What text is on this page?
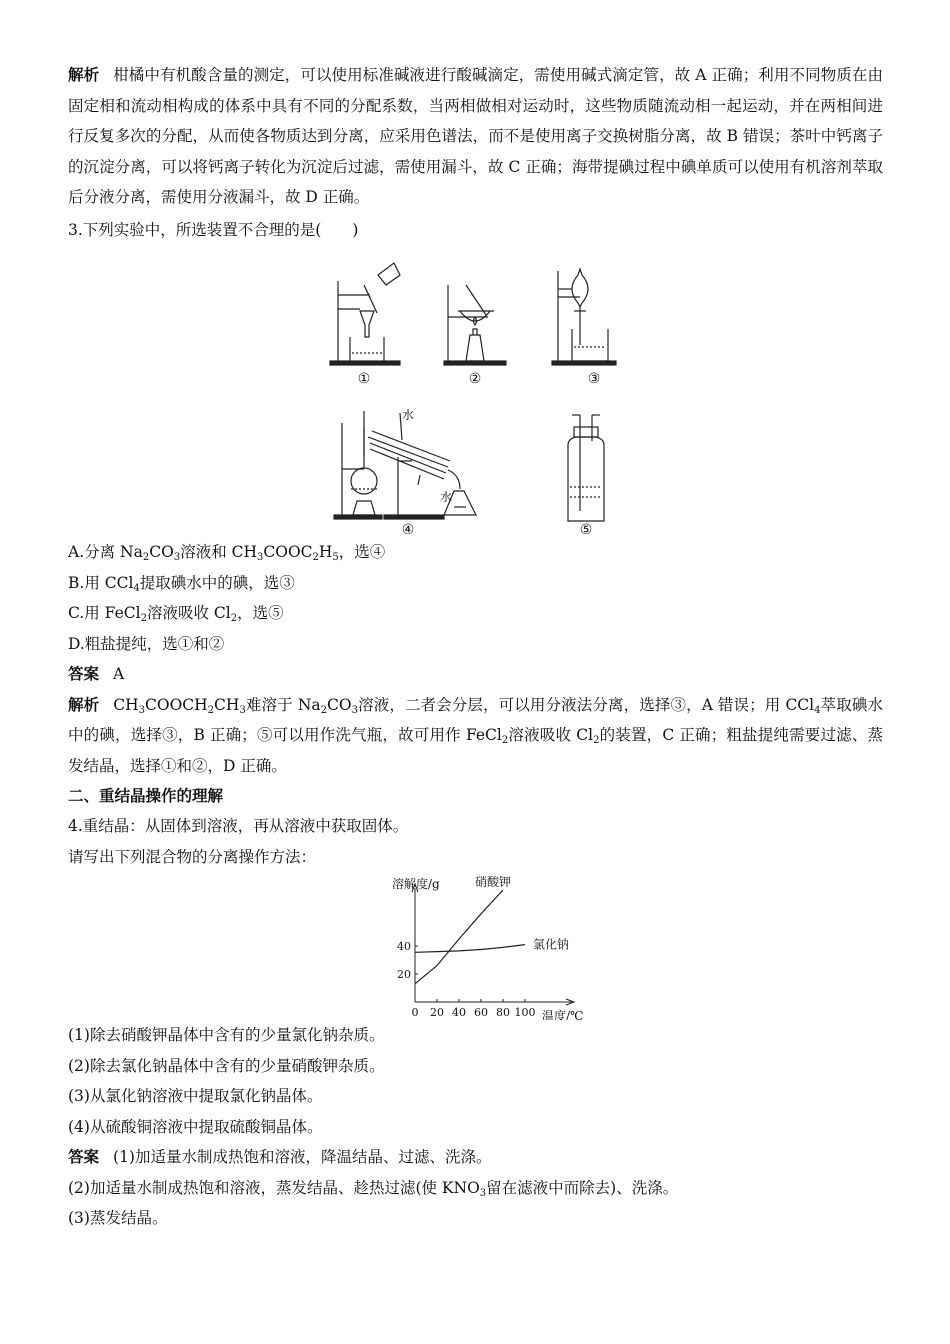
解析 柑橘中有机酸含量的测定，可以使用标准碱液进行酸碱滴定，需使用碱式滴定管，故 A 正确；利用不同物质在由固定相和流动相构成的体系中具有不同的分配系数，当两相做相对运动时，这些物质随流动相一起运动，并在两相间进行反复多次的分配，从而使各物质达到分离，应采用色谱法，而不是使用离子交换树脂分离，故 B 错误；茶叶中钙离子的沉淀分离，可以将钙离子转化为沉淀后过滤，需使用漏斗，故 C 正确；海带提碘过程中碘单质可以使用有机溶剂萃取后分液分离，需使用分液漏斗，故 D 正确。

3.下列实验中，所选装置不合理的是(　　)

①	②	③
④	⑤
水
水

A.分离 $Na_2CO_3$溶液和 $CH_3COOC_2H_5$，选④

B.用 CCl$_4$提取碘水中的碘，选③

C.用 FeCl$_2$溶液吸收 $Cl_2$，选⑤

D.粗盐提纯，选①和②

答案 A

解析 $CH_3COOCH_2CH_3$难溶于 $Na_2CO_3$溶液，二者会分层，可以用分液法分离，选择③，A 错误；用 CCl$_4$萃取碘水中的碘，选择③，B 正确；⑤可以用作洗气瓶，故可用作 FeCl$_2$溶液吸收 $Cl_2$的装置，C 正确；粗盐提纯需要过滤、蒸发结晶，选择①和②，D 正确。

二、重结晶操作的理解

4.重结晶：从固体到溶液，再从溶液中获取固体。

请写出下列混合物的分离操作方法：

溶解度/g
温度/℃
0 20 40 60 80 100
20
40
硝酸钾
氯化钠

(1)除去硝酸钾晶体中含有的少量氯化钠杂质。

(2)除去氯化钠晶体中含有的少量硝酸钾杂质。

(3)从氯化钠溶液中提取氯化钠晶体。

(4)从硫酸铜溶液中提取硫酸铜晶体。

答案 (1)加适量水制成热饱和溶液，降温结晶、过滤、洗涤。

(2)加适量水制成热饱和溶液，蒸发结晶、趁热过滤(使 $KNO_3$留在滤液中而除去)、洗涤。

(3)蒸发结晶。
